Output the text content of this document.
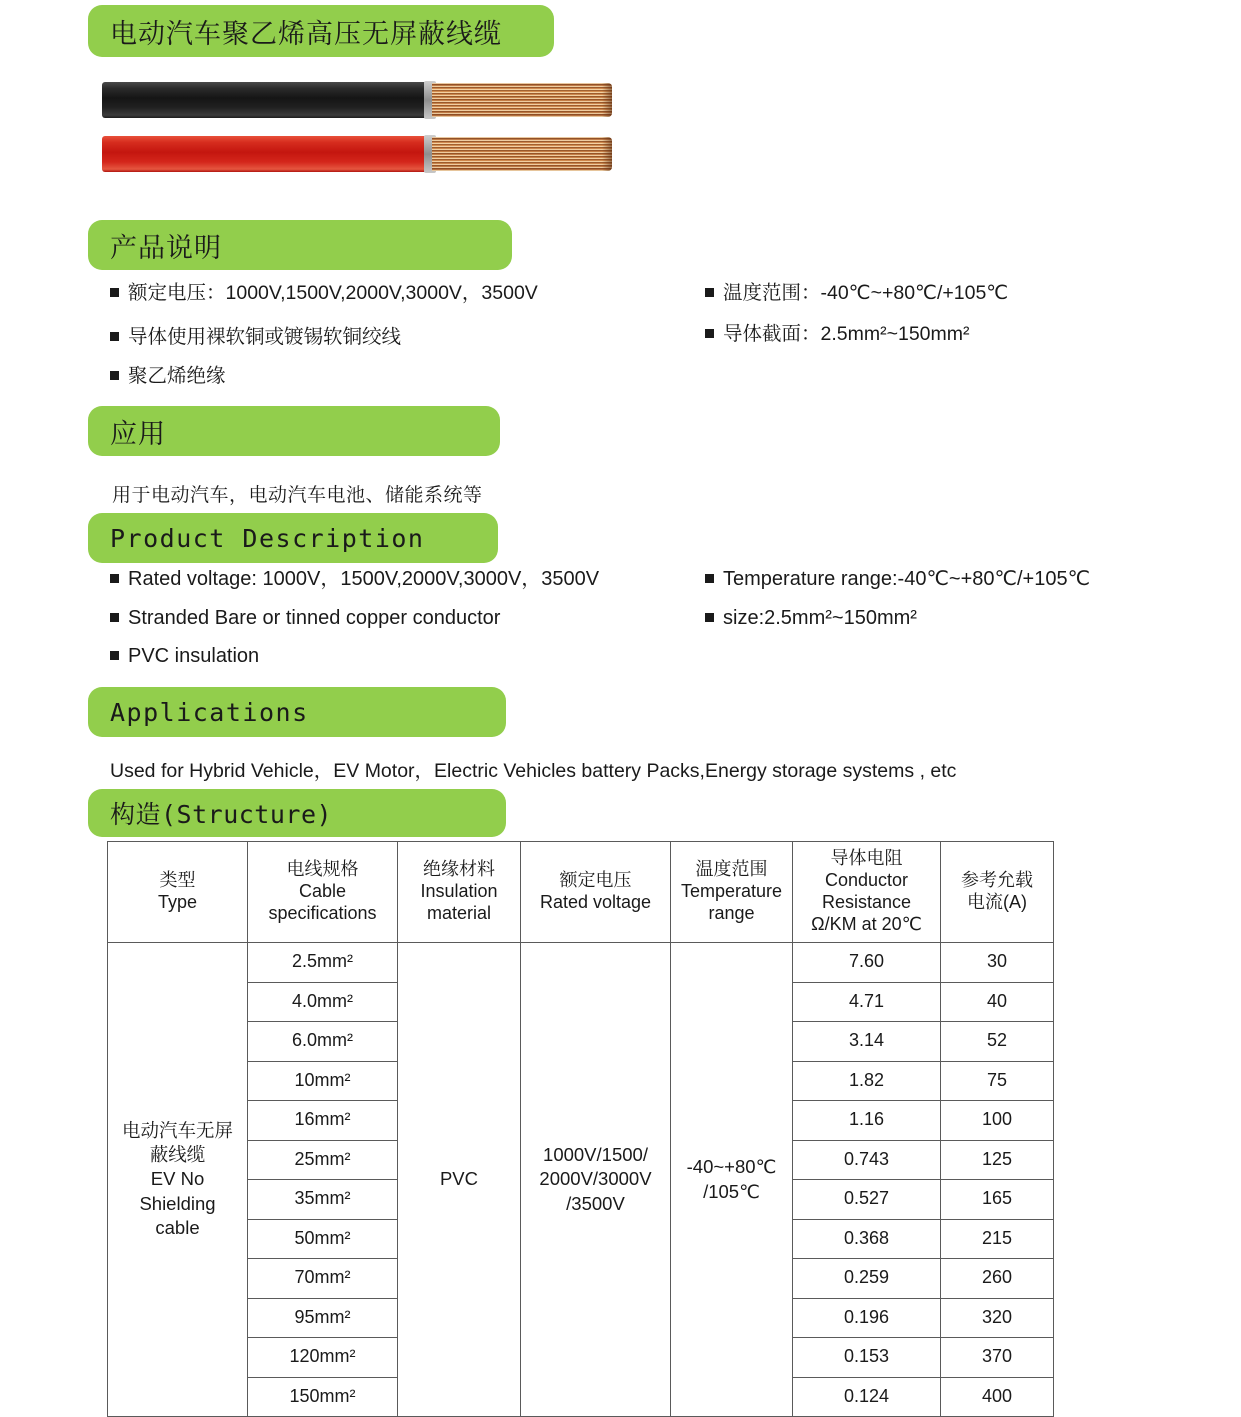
电动汽车聚乙烯高压无屏蔽线缆
产品说明
额定电压：1000V,1500V,2000V,3000V，3500V
导体使用裸软铜或镀锡软铜绞线
聚乙烯绝缘
温度范围：-40℃~+80℃/+105℃
导体截面：2.5mm²~150mm²
应用
用于电动汽车，电动汽车电池、储能系统等
Product Description
Rated voltage: 1000V，1500V,2000V,3000V，3500V
Stranded Bare or tinned copper conductor
PVC insulation
Temperature range:-40℃~+80℃/+105℃
size:2.5mm²~150mm²
Applications
Used for Hybrid Vehicle，EV Motor，Electric Vehicles battery Packs,Energy storage systems , etc
构造(Structure)
类型
Type	电线规格
Cable
specifications	绝缘材料
Insulation
material	额定电压
Rated voltage	温度范围
Temperature
range	导体电阻
Conductor
Resistance
Ω/KM at 20℃	参考允载
电流(A)

电动汽车无屏
蔽线缆
EV No
Shielding
cable	2.5mm²	PVC	1000V/1500/
2000V/3000V
/3500V	-40~+80℃
/105℃	7.60	30
	4.0mm²				4.71	40
	6.0mm²				3.14	52
	10mm²				1.82	75
	16mm²				1.16	100
	25mm²				0.743	125
	35mm²				0.527	165
	50mm²				0.368	215
	70mm²				0.259	260
	95mm²				0.196	320
	120mm²				0.153	370
	150mm²				0.124	400
